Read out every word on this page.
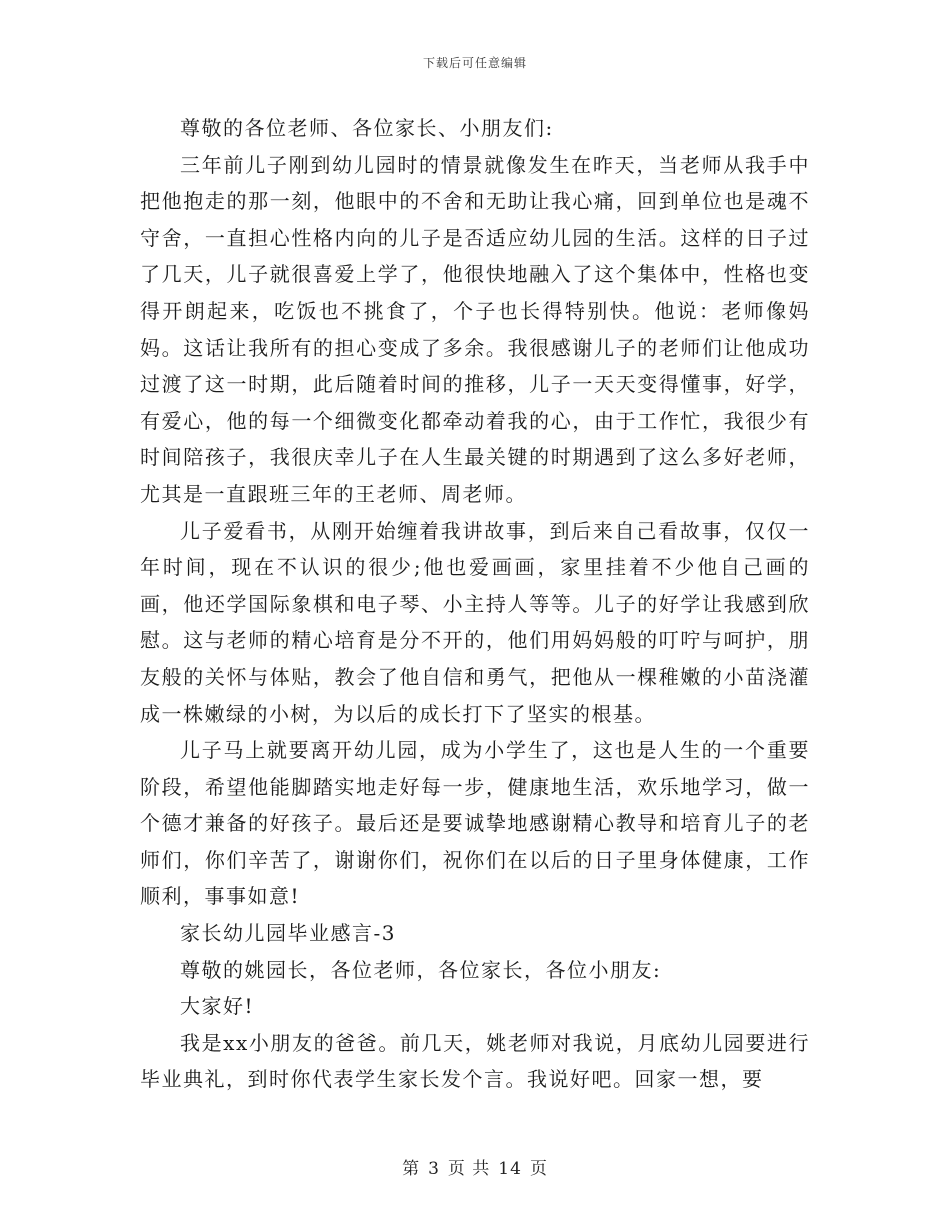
下载后可任意编辑

尊敬的各位老师、各位家长、小朋友们:

三年前儿子刚到幼儿园时的情景就像发生在昨天，当老师从我手中把他抱走的那一刻，他眼中的不舍和无助让我心痛，回到单位也是魂不守舍，一直担心性格内向的儿子是否适应幼儿园的生活。这样的日子过了几天，儿子就很喜爱上学了，他很快地融入了这个集体中，性格也变得开朗起来，吃饭也不挑食了，个子也长得特别快。他说：老师像妈妈。这话让我所有的担心变成了多余。我很感谢儿子的老师们让他成功过渡了这一时期，此后随着时间的推移，儿子一天天变得懂事，好学，有爱心，他的每一个细微变化都牵动着我的心，由于工作忙，我很少有时间陪孩子，我很庆幸儿子在人生最关键的时期遇到了这么多好老师，尤其是一直跟班三年的王老师、周老师。

儿子爱看书，从刚开始缠着我讲故事，到后来自己看故事，仅仅一年时间，现在不认识的很少;他也爱画画，家里挂着不少他自己画的画，他还学国际象棋和电子琴、小主持人等等。儿子的好学让我感到欣慰。这与老师的精心培育是分不开的，他们用妈妈般的叮咛与呵护，朋友般的关怀与体贴，教会了他自信和勇气，把他从一棵稚嫩的小苗浇灌成一株嫩绿的小树，为以后的成长打下了坚实的根基。

儿子马上就要离开幼儿园，成为小学生了，这也是人生的一个重要阶段，希望他能脚踏实地走好每一步，健康地生活，欢乐地学习，做一个德才兼备的好孩子。最后还是要诚挚地感谢精心教导和培育儿子的老师们，你们辛苦了，谢谢你们，祝你们在以后的日子里身体健康，工作顺利，事事如意!

家长幼儿园毕业感言-3

尊敬的姚园长，各位老师，各位家长，各位小朋友:

大家好!

我是xx小朋友的爸爸。前几天，姚老师对我说，月底幼儿园要进行毕业典礼，到时你代表学生家长发个言。我说好吧。回家一想，要

第 3 页 共 14 页
